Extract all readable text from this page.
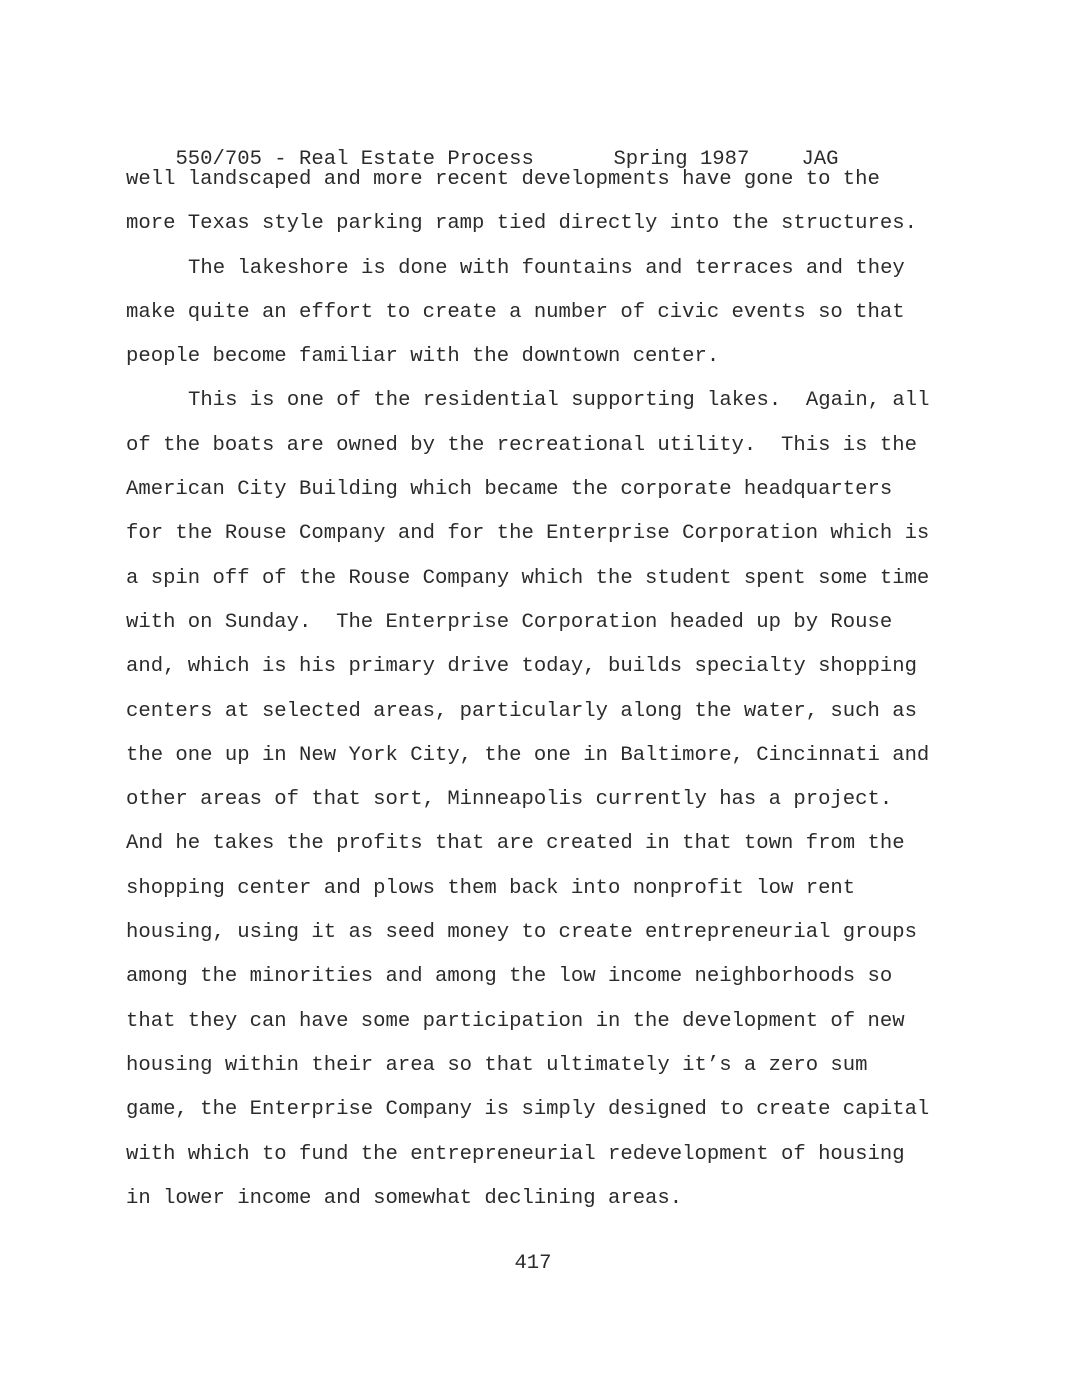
550/705 - Real Estate Process	Spring 1987	JAG

well landscaped and more recent developments have gone to the
more Texas style parking ramp tied directly into the structures.
The lakeshore is done with fountains and terraces and they
make quite an effort to create a number of civic events so that
people become familiar with the downtown center.
This is one of the residential supporting lakes.  Again, all
of the boats are owned by the recreational utility.  This is the
American City Building which became the corporate headquarters
for the Rouse Company and for the Enterprise Corporation which is
a spin off of the Rouse Company which the student spent some time
with on Sunday.  The Enterprise Corporation headed up by Rouse
and, which is his primary drive today, builds specialty shopping
centers at selected areas, particularly along the water, such as
the one up in New York City, the one in Baltimore, Cincinnati and
other areas of that sort, Minneapolis currently has a project.
And he takes the profits that are created in that town from the
shopping center and plows them back into nonprofit low rent
housing, using it as seed money to create entrepreneurial groups
among the minorities and among the low income neighborhoods so
that they can have some participation in the development of new
housing within their area so that ultimately it’s a zero sum
game, the Enterprise Company is simply designed to create capital
with which to fund the entrepreneurial redevelopment of housing
in lower income and somewhat declining areas.
417
